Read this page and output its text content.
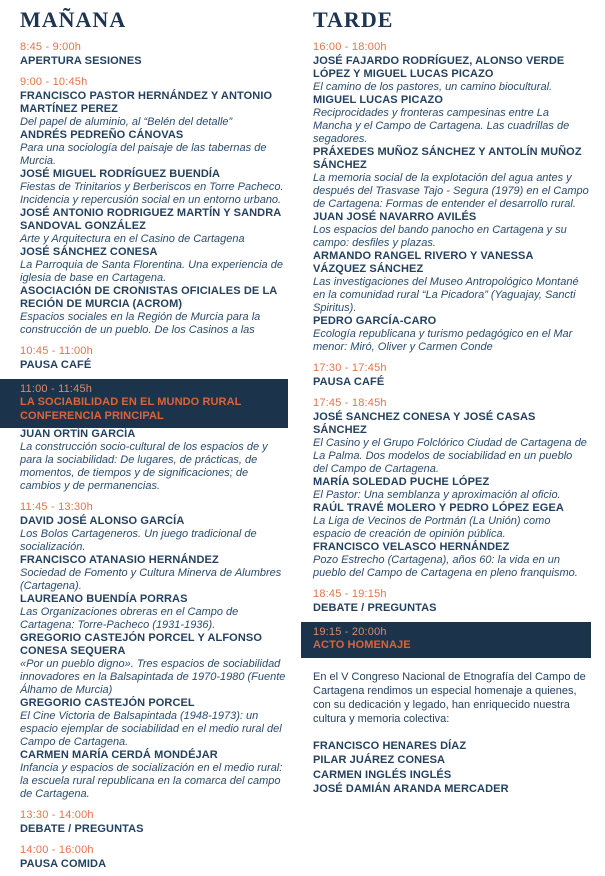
MAÑANA
8:45 - 9:00h
APERTURA SESIONES
9:00 - 10:45h
FRANCISCO PASTOR HERNÁNDEZ Y ANTONIO MARTÍNEZ PEREZ
Del papel de aluminio, al “Belén del detalle”
ANDRÉS PEDREÑO CÁNOVAS
Para una sociología del paisaje de las tabernas de Murcia.
JOSÉ MIGUEL RODRÍGUEZ BUENDÍA
Fiestas de Trinitarios y Berberiscos en Torre Pacheco. Incidencia y repercusión social en un entorno urbano.
JOSÉ ANTONIO RODRIGUEZ MARTÍN Y SANDRA SANDOVAL GONZÁLEZ
Arte y Arquitectura en el Casino de Cartagena
JOSÉ SÁNCHEZ CONESA
La Parroquia de Santa Florentina. Una experiencia de iglesia de base en Cartagena.
ASOCIACIÓN DE CRONISTAS OFICIALES DE LA RECIÓN DE MURCIA (ACROM)
Espacios sociales en la Región de Murcia para la construcción de un pueblo. De los Casinos a las
10:45 - 11:00h
PAUSA CAFÉ
11:00 - 11:45h
LA SOCIABILIDAD EN EL MUNDO RURAL
CONFERENCIA PRINCIPAL
JUAN ORTÍN GARCÍA
La construcción socio-cultural de los espacios de y para la sociabilidad: De lugares, de prácticas, de momentos, de tiempos y de significaciones; de cambios y de permanencias.
11:45 - 13:30h
DAVID JOSÉ ALONSO GARCÍA
Los Bolos Cartageneros. Un juego tradicional de socialización.
FRANCISCO ATANASIO HERNÁNDEZ
Sociedad de Fomento y Cultura Minerva de Alumbres (Cartagena).
LAUREANO BUENDÍA PORRAS
Las Organizaciones obreras en el Campo de Cartagena: Torre-Pacheco (1931-1936).
GREGORIO CASTEJÓN PORCEL Y ALFONSO CONESA SEQUERA
«Por un pueblo digno». Tres espacios de sociabilidad innovadores en la Balsapintada de 1970-1980 (Fuente Álhamo de Murcia)
GREGORIO CASTEJÓN PORCEL
El Cine Victoria de Balsapintada (1948-1973): un espacio ejemplar de sociabilidad en el medio rural del Campo de Cartagena.
CARMEN MARÍA CERDÁ MONDÉJAR
Infancia y espacios de socialización en el medio rural: la escuela rural republicana en la comarca del campo de Cartagena.
13:30 - 14:00h
DEBATE / PREGUNTAS
14:00 - 16:00h
PAUSA COMIDA
TARDE
16:00 - 18:00h
JOSÉ FAJARDO RODRÍGUEZ, ALONSO VERDE LÓPEZ Y MIGUEL LUCAS PICAZO
El camino de los pastores, un camino biocultural.
MIGUEL LUCAS PICAZO
Reciprocidades y fronteras campesinas entre La Mancha y el Campo de Cartagena. Las cuadrillas de segadores.
PRÁXEDES MUÑOZ SÁNCHEZ Y ANTOLÍN MUÑOZ SÁNCHEZ
La memoria social de la explotación del agua antes y después del Trasvase Tajo - Segura (1979) en el Campo de Cartagena: Formas de entender el desarrollo rural.
JUAN JOSÉ NAVARRO AVILÉS
Los espacios del bando panocho en Cartagena y su campo: desfiles y plazas.
ARMANDO RANGEL RIVERO Y VANESSA VÁZQUEZ SÁNCHEZ
Las investigaciones del Museo Antropológico Montané en la comunidad rural “La Picadora” (Yaguajay, Sancti Spiritus).
PEDRO GARCÍA-CARO
Ecología republicana y turismo pedagógico en el Mar menor: Miró, Oliver y Carmen Conde
17:30 - 17:45h
PAUSA CAFÉ
17:45 - 18:45h
JOSÉ SANCHEZ CONESA Y JOSÉ CASAS SÁNCHEZ
El Casino y el Grupo Folclórico Ciudad de Cartagena de La Palma. Dos modelos de sociabilidad en un pueblo del Campo de Cartagena.
MARÍA SOLEDAD PUCHE LÓPEZ
El Pastor: Una semblanza y aproximación al oficio.
RAÚL TRAVÉ MOLERO Y PEDRO LÓPEZ EGEA
La Liga de Vecinos de Portmán (La Unión) como espacio de creación de opinión pública.
FRANCISCO VELASCO HERNÁNDEZ
Pozo Estrecho (Cartagena), años 60: la vida en un pueblo del Campo de Cartagena en pleno franquismo.
18:45 - 19:15h
DEBATE / PREGUNTAS
19:15 - 20:00h
ACTO HOMENAJE
En el V Congreso Nacional de Etnografía del Campo de Cartagena rendimos un especial homenaje a quienes, con su dedicación y legado, han enriquecido nuestra cultura y memoria colectiva:
FRANCISCO HENARES DÍAZ
PILAR JUÁREZ CONESA
CARMEN INGLÉS INGLÉS
JOSÉ DAMIÁN ARANDA MERCADER
